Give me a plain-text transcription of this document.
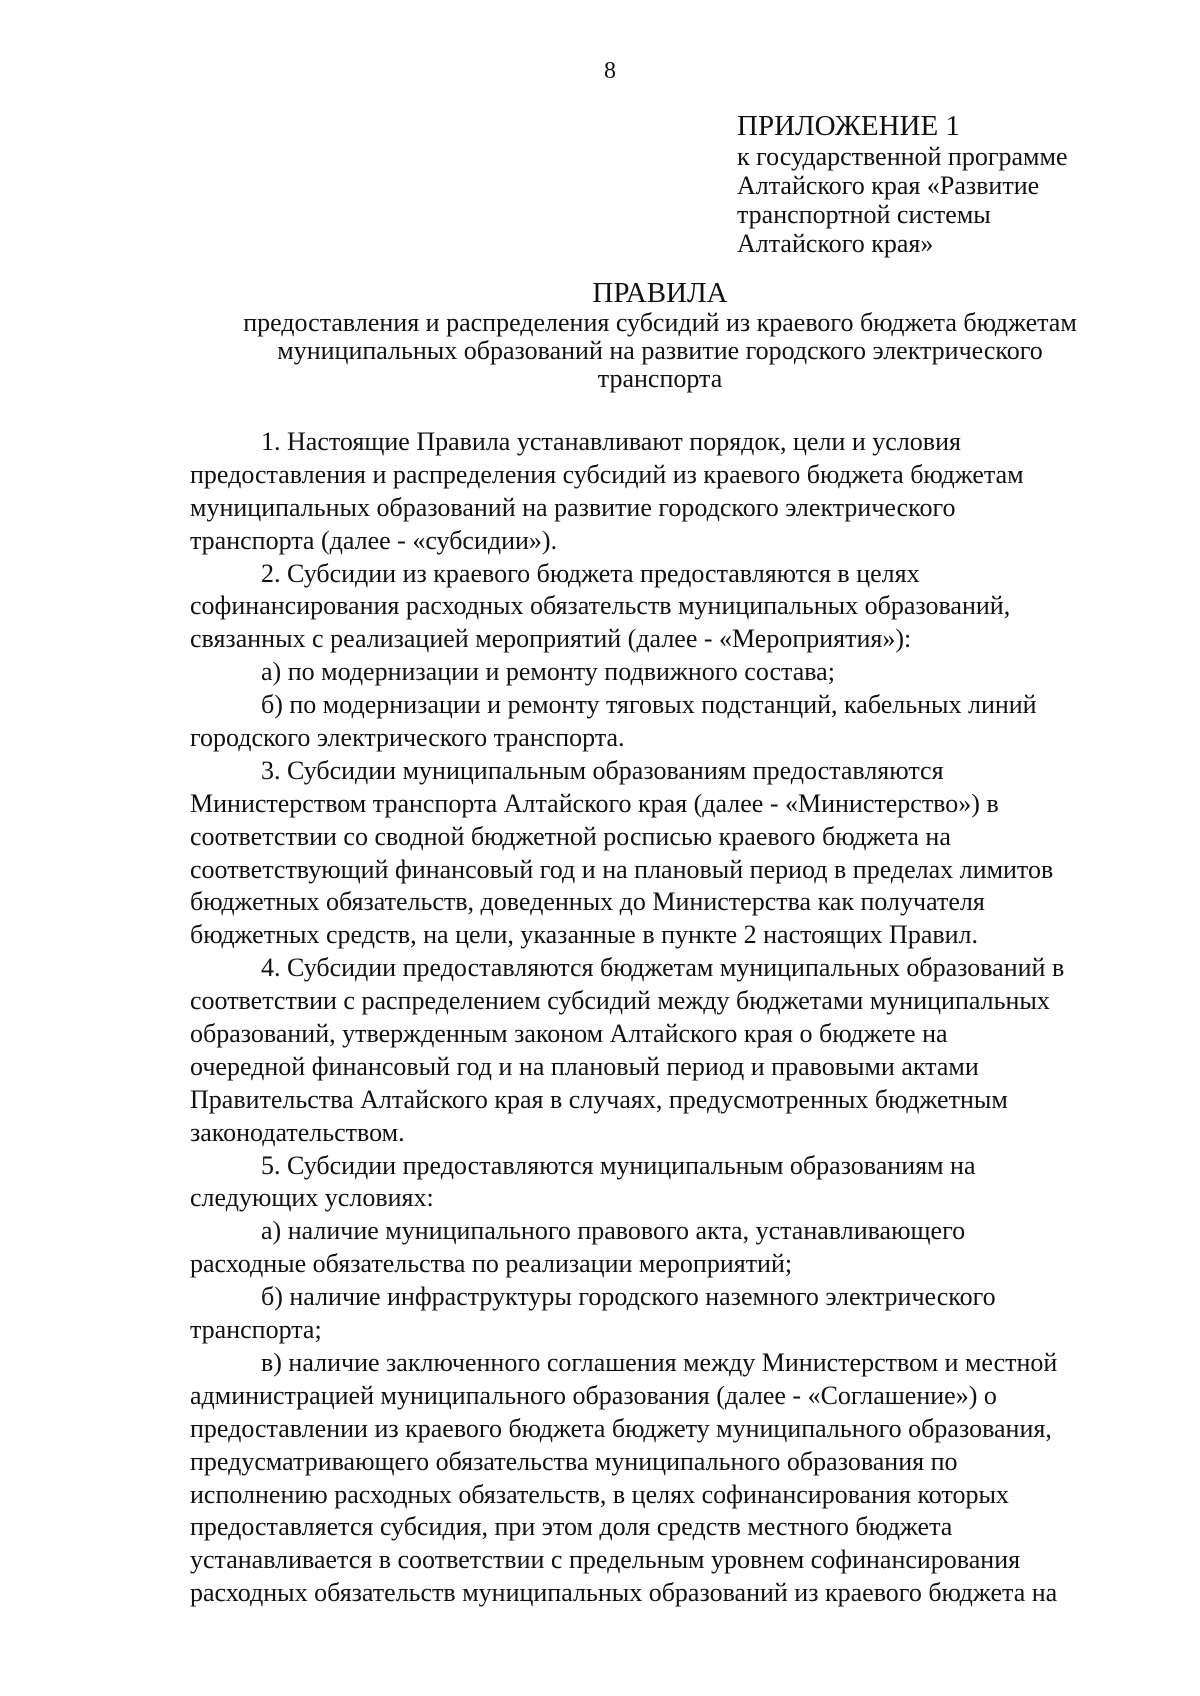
8
ПРИЛОЖЕНИЕ 1
к государственной программе
Алтайского края «Развитие
транспортной системы
Алтайского края»
ПРАВИЛА
предоставления и распределения субсидий из краевого бюджета бюджетам
муниципальных образований на развитие городского электрического
транспорта
1. Настоящие Правила устанавливают порядок, цели и условия
предоставления и распределения субсидий из краевого бюджета бюджетам
муниципальных образований на развитие городского электрического
транспорта (далее - «субсидии»).
2. Субсидии из краевого бюджета предоставляются в целях
софинансирования расходных обязательств муниципальных образований,
связанных с реализацией мероприятий (далее - «Мероприятия»):
а) по модернизации и ремонту подвижного состава;
б) по модернизации и ремонту тяговых подстанций, кабельных линий
городского электрического транспорта.
3. Субсидии муниципальным образованиям предоставляются
Министерством транспорта Алтайского края (далее - «Министерство») в
соответствии со сводной бюджетной росписью краевого бюджета на
соответствующий финансовый год и на плановый период в пределах лимитов
бюджетных обязательств, доведенных до Министерства как получателя
бюджетных средств, на цели, указанные в пункте 2 настоящих Правил.
4. Субсидии предоставляются бюджетам муниципальных образований в
соответствии с распределением субсидий между бюджетами муниципальных
образований, утвержденным законом Алтайского края о бюджете на
очередной финансовый год и на плановый период и правовыми актами
Правительства Алтайского края в случаях, предусмотренных бюджетным
законодательством.
5. Субсидии предоставляются муниципальным образованиям на
следующих условиях:
а) наличие муниципального правового акта, устанавливающего
расходные обязательства по реализации мероприятий;
б) наличие инфраструктуры городского наземного электрического
транспорта;
в) наличие заключенного соглашения между Министерством и местной
администрацией муниципального образования (далее - «Соглашение») о
предоставлении из краевого бюджета бюджету муниципального образования,
предусматривающего обязательства муниципального образования по
исполнению расходных обязательств, в целях софинансирования которых
предоставляется субсидия, при этом доля средств местного бюджета
устанавливается в соответствии с предельным уровнем софинансирования
расходных обязательств муниципальных образований из краевого бюджета на
